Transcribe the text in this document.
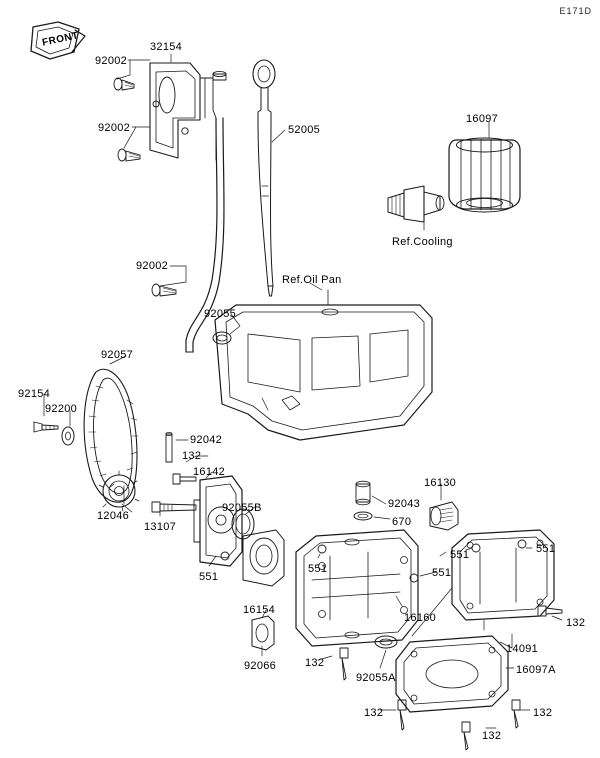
E171D
FRONT	32154
92002
92002	52005
16097
Ref.Cooling
92002
Ref.Oil Pan
92055
92057
92154
92200
92042
132
16142
16130
92055B	92043
670
12046
13107
551
551
551	551
551
16154
16160	132
14091
92066	132
92055A
16097A
132	132
132
